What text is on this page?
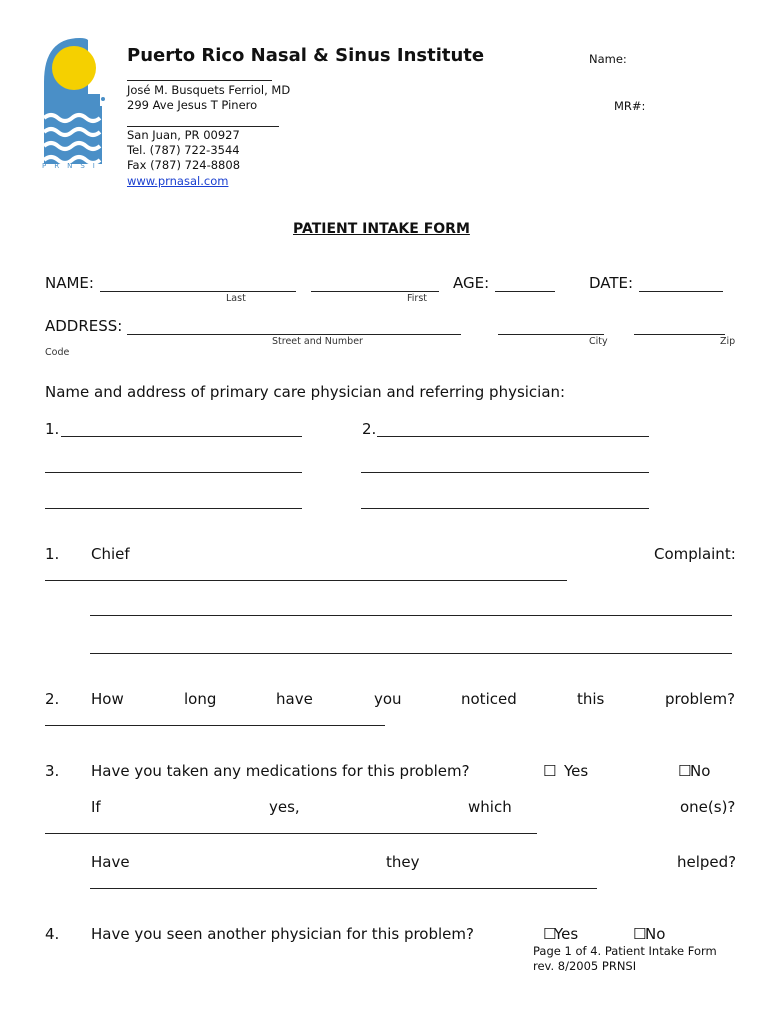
PRNSI
Puerto Rico Nasal & Sinus Institute
José M. Busquets Ferriol, MD
299 Ave Jesus T Pinero
San Juan, PR 00927
Tel. (787) 722-3544
Fax (787) 724-8808
www.prnasal.com
Name:
MR#:
PATIENT INTAKE FORM
NAME:
Last	First
AGE:	DATE:
ADDRESS:
Street and Number	City	Zip
Code
Name and address of primary care physician and referring physician:
1.	2.
1. Chief	Complaint:
2. How	long	have	you	noticed	this	problem?
3. Have you taken any medications for this problem?	☐ Yes	☐
No
If	yes,	which	one(s)?
Have	they	helped?
4. Have you seen another physician for this problem?	☐
Yes	☐
No
Page 1 of 4. Patient Intake Form
rev. 8/2005 PRNSI
